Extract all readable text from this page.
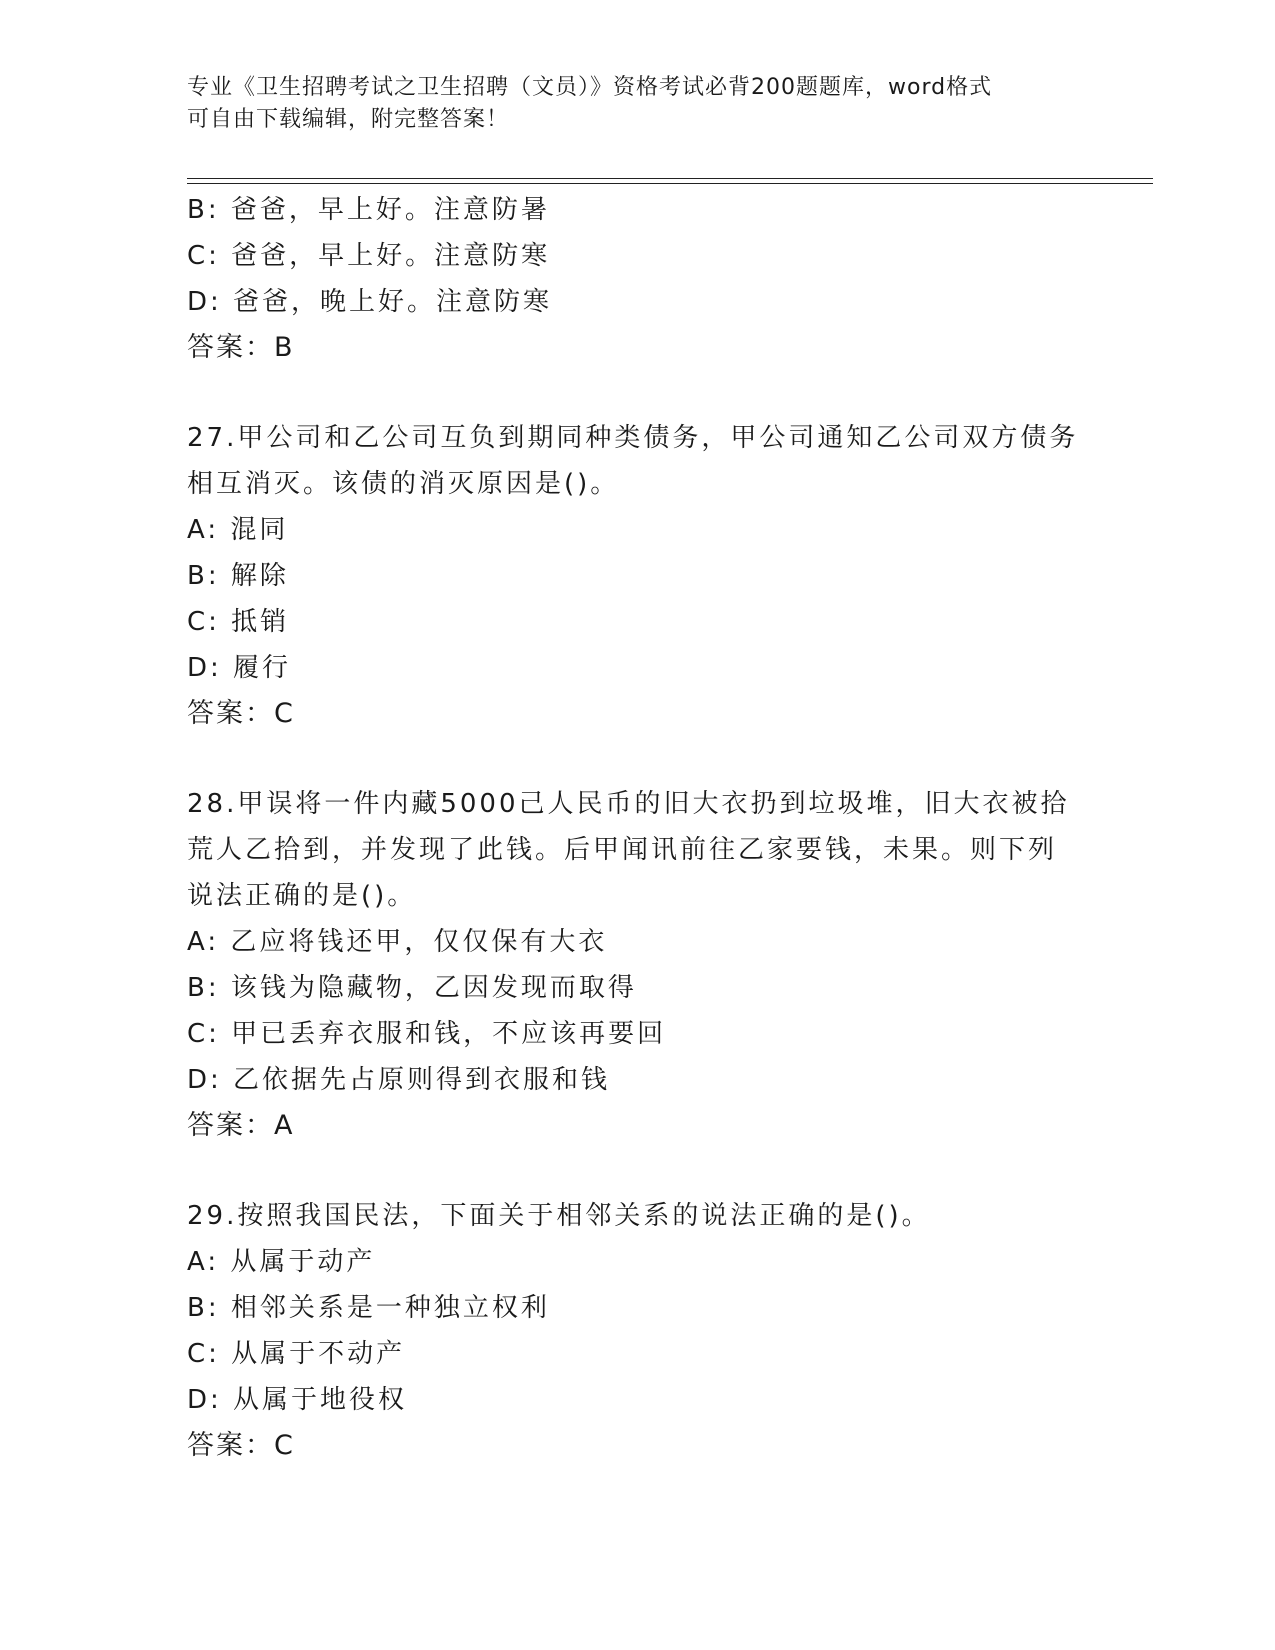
专业《卫生招聘考试之卫生招聘（文员）》资格考试必背200题题库，word格式
可自由下载编辑，附完整答案！
B: 爸爸，早上好。注意防暑
C: 爸爸，早上好。注意防寒
D: 爸爸，晚上好。注意防寒
答案：B
27.甲公司和乙公司互负到期同种类债务，甲公司通知乙公司双方债务
相互消灭。该债的消灭原因是()。
A: 混同
B: 解除
C: 抵销
D: 履行
答案：C
28.甲误将一件内藏5000己人民币的旧大衣扔到垃圾堆，旧大衣被拾
荒人乙拾到，并发现了此钱。后甲闻讯前往乙家要钱，未果。则下列
说法正确的是()。
A: 乙应将钱还甲，仅仅保有大衣
B: 该钱为隐藏物，乙因发现而取得
C: 甲已丢弃衣服和钱，不应该再要回
D: 乙依据先占原则得到衣服和钱
答案：A
29.按照我国民法，下面关于相邻关系的说法正确的是()。
A: 从属于动产
B: 相邻关系是一种独立权利
C: 从属于不动产
D: 从属于地役权
答案：C
